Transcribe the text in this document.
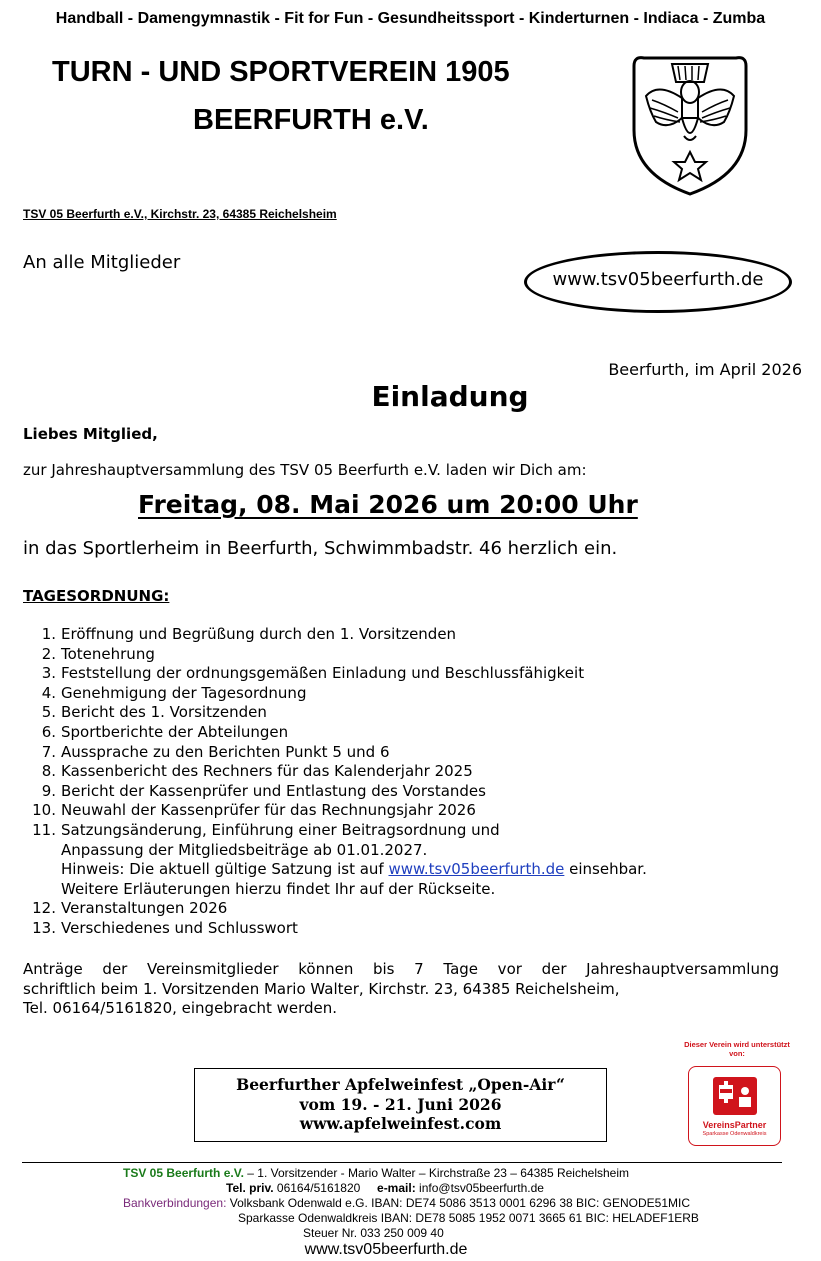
Handball - Damengymnastik - Fit for Fun - Gesundheitssport - Kinderturnen - Indiaca - Zumba
TURN - UND SPORTVEREIN 1905
BEERFURTH e.V.
TSV 05 Beerfurth e.V., Kirchstr. 23, 64385 Reichelsheim
An alle Mitglieder
www.tsv05beerfurth.de
Beerfurth, im April 2026
Einladung
Liebes Mitglied,
zur Jahreshauptversammlung des TSV 05 Beerfurth e.V. laden wir Dich am:
Freitag, 08. Mai 2026 um 20:00 Uhr
in das Sportlerheim in Beerfurth, Schwimmbadstr. 46 herzlich ein.
TAGESORDNUNG:
1. Eröffnung und Begrüßung durch den 1. Vorsitzenden
2. Totenehrung
3. Feststellung der ordnungsgemäßen Einladung und Beschlussfähigkeit
4. Genehmigung der Tagesordnung
5. Bericht des 1. Vorsitzenden
6. Sportberichte der Abteilungen
7. Aussprache zu den Berichten Punkt 5 und 6
8. Kassenbericht des Rechners für das Kalenderjahr 2025
9. Bericht der Kassenprüfer und Entlastung des Vorstandes
10. Neuwahl der Kassenprüfer für das Rechnungsjahr 2026
11. Satzungsänderung, Einführung einer Beitragsordnung und
Anpassung der Mitgliedsbeiträge ab 01.01.2027.
Hinweis: Die aktuell gültige Satzung ist auf www.tsv05beerfurth.de einsehbar.
Weitere Erläuterungen hierzu findet Ihr auf der Rückseite.
12. Veranstaltungen 2026
13. Verschiedenes und Schlusswort
Anträge der Vereinsmitglieder können bis 7 Tage vor der Jahreshauptversammlung
schriftlich beim 1. Vorsitzenden Mario Walter, Kirchstr. 23, 64385 Reichelsheim,
Tel. 06164/5161820, eingebracht werden.
Beerfurther Apfelweinfest „Open-Air“
vom 19. - 21. Juni 2026
www.apfelweinfest.com
Dieser Verein wird unterstützt von:
VereinsPartner
Sparkasse Odenwaldkreis
TSV 05 Beerfurth e.V. – 1. Vorsitzender - Mario Walter – Kirchstraße 23 – 64385 Reichelsheim
Tel. priv. 06164/5161820 e-mail: info@tsv05beerfurth.de
Bankverbindungen: Volksbank Odenwald e.G. IBAN: DE74 5086 3513 0001 6296 38 BIC: GENODE51MIC
Sparkasse Odenwaldkreis IBAN: DE78 5085 1952 0071 3665 61 BIC: HELADEF1ERB
Steuer Nr. 033 250 009 40
www.tsv05beerfurth.de
